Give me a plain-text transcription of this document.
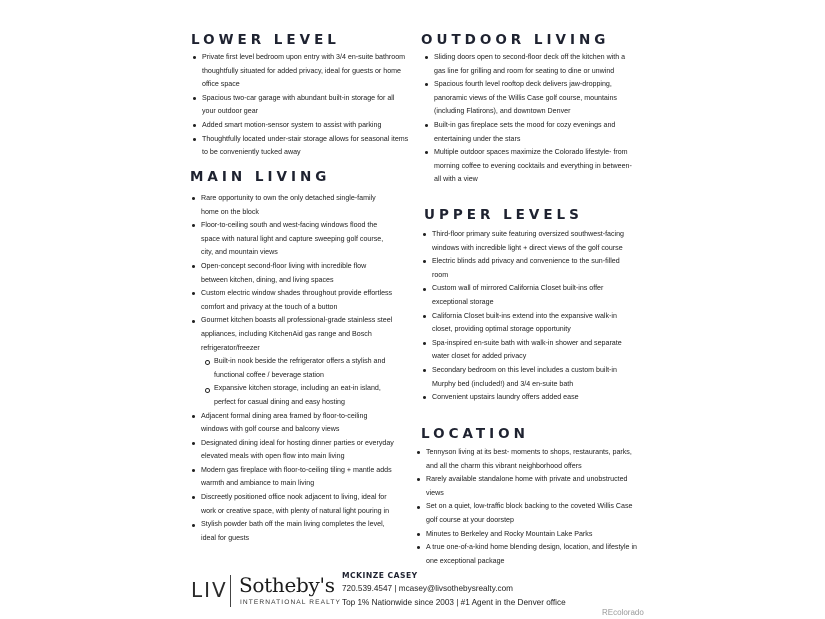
LOWER LEVEL
Private first level bedroom upon entry with 3/4 en-suite bathroom thoughtfully situated for added privacy, ideal for guests or home office space
Spacious two-car garage with abundant built-in storage for all your outdoor gear
Added smart motion-sensor system to assist with parking
Thoughtfully located under-stair storage allows for seasonal items to be conveniently tucked away
MAIN LIVING
Rare opportunity to own the only detached single-family home on the block
Floor-to-ceiling south and west-facing windows flood the space with natural light and capture sweeping golf course, city, and mountain views
Open-concept second-floor living with incredible flow between kitchen, dining, and living spaces
Custom electric window shades throughout provide effortless comfort and privacy at the touch of a button
Gourmet kitchen boasts all professional-grade stainless steel appliances, including KitchenAid gas range and Bosch refrigerator/freezer
Built-in nook beside the refrigerator offers a stylish and functional coffee / beverage station
Expansive kitchen storage, including an eat-in island, perfect for casual dining and easy hosting
Adjacent formal dining area framed by floor-to-ceiling windows with golf course and balcony views
Designated dining ideal for hosting dinner parties or everyday elevated meals with open flow into main living
Modern gas fireplace with floor-to-ceiling tiling + mantle adds warmth and ambiance to main living
Discreetly positioned office nook adjacent to living, ideal for work or creative space, with plenty of natural light pouring in
Stylish powder bath off the main living completes the level, ideal for guests
OUTDOOR LIVING
Sliding doors open to second-floor deck off the kitchen with a gas line for grilling and room for seating to dine or unwind
Spacious fourth level rooftop deck delivers jaw-dropping, panoramic views of the Willis Case golf course, mountains (including Flatirons), and downtown Denver
Built-in gas fireplace sets the mood for cozy evenings and entertaining under the stars
Multiple outdoor spaces maximize the Colorado lifestyle- from morning coffee to evening cocktails and everything in between- all with a view
UPPER LEVELS
Third-floor primary suite featuring oversized southwest-facing windows with incredible light + direct views of the golf course
Electric blinds add privacy and convenience to the sun-filled room
Custom wall of mirrored California Closet built-ins offer exceptional storage
California Closet built-ins extend into the expansive walk-in closet, providing optimal storage opportunity
Spa-inspired en-suite bath with walk-in shower and separate water closet for added privacy
Secondary bedroom on this level includes a custom built-in Murphy bed (included!) and 3/4 en-suite bath
Convenient upstairs laundry offers added ease
LOCATION
Tennyson living at its best- moments to shops, restaurants, parks, and all the charm this vibrant neighborhood offers
Rarely available standalone home with private and unobstructed views
Set on a quiet, low-traffic block backing to the coveted Willis Case golf course at your doorstep
Minutes to Berkeley and Rocky Mountain Lake Parks
A true one-of-a-kind home blending design, location, and lifestyle in one exceptional package
LIV Sotheby's
INTERNATIONAL REALTY
MCKINZE CASEY
720.539.4547 | mcasey@livsothebysrealty.com
Top 1% Nationwide since 2003 | #1 Agent in the Denver office
REcolorado
